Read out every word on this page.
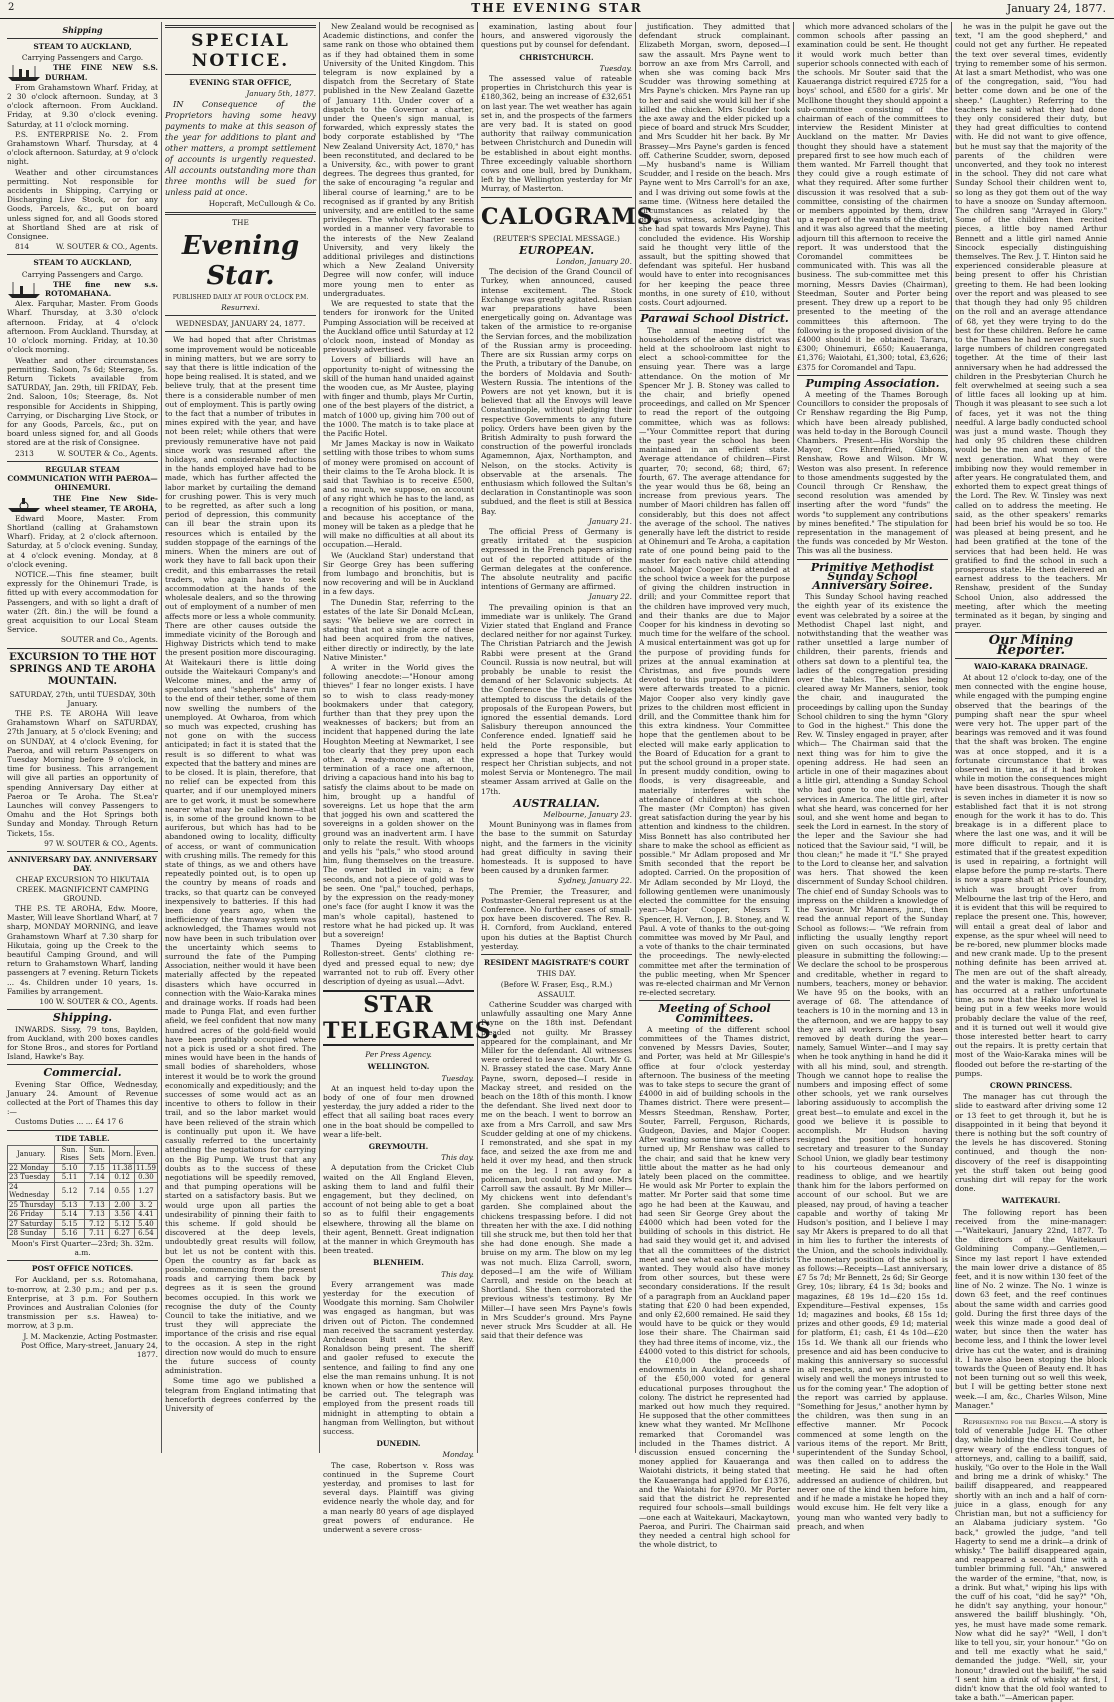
2	THE EVENING STAR	January 24, 1877.
Shipping
STEAM TO AUCKLAND,

Carrying Passengers and Cargo.

THE FINE NEW S.S. DURHAM.

From Grahamstown Wharf. Friday, at 2 30 o'clock afternoon. Sunday, at 3 o'clock afternoon. From Auckland. Friday, at 9.30 o'clock evening. Saturday, at 11 o'clock morning.

P.S. ENTERPRISE No. 2. From Grahamstown Wharf. Thursday, at 4 o'clock afternoon. Saturday, at 9 o'clock night.

Weather and other circumstances permitting. Not responsible for accidents in Shipping, Carrying or Discharging Live Stock, or for any Goods, Parcels, &c., put on board unless signed for, and all Goods stored at Shortland Shed are at risk of Consignee.

814	W. SOUTER & CO., Agents.

STEAM TO AUCKLAND,

Carrying Passengers and Cargo.

THE fine new s.s. ROTOMAHANA.

Alex. Farquhar, Master. From Goods Wharf. Thursday, at 3.30 o'clock afternoon. Friday, at 4 o'clock afternoon. From Auckland. Thursday, at 10 o'clock morning. Friday, at 10.30 o'clock morning.

Weather and other circumstances permitting. Saloon, 7s 6d; Steerage, 5s. Return Tickets available from SATURDAY, Jan. 29th, till FRIDAY, Feb. 2nd. Saloon, 10s; Steerage, 8s. Not responsible for Accidents in Shipping, Carrying, or Discharging Live Stock, or for any Goods, Parcels, &c., put on board unless signed for, and all Goods stored are at the risk of Consignee.

2313	W. SOUTER & Co., Agents.

REGULAR STEAM COMMUNICATION WITH PAEROA—OHINEMURI.

THE Fine New Side-wheel steamer, TE AROHA,

Edward Moore, Master. From Shortland (calling at Grahamstown Wharf). Friday, at 2 o'clock afternoon. Saturday, at 5 o'clock evening. Sunday, at 4 o'clock evening. Monday, at 8 o'clock evening.

NOTICE.—This fine steamer, built expressly for the Ohinemuri Trade, is fitted up with every accommodation for Passengers, and with so light a draft of water (2ft. 8in.) the will be found a great acquisition to our Local Steam Service.

SOUTER and Co., Agents.

EXCURSION TO THE HOT SPRINGS AND TE AROHA MOUNTAIN.

SATURDAY, 27th, until TUESDAY, 30th January.

THE P.S. TE AROHA Will leave Grahamstown Wharf on SATURDAY, 27th January, at 5 o'clock Evening; and on SUNDAY, at 4 o'clock Evening, for Paeroa, and will return Passengers on Tuesday Morning before 9 o'clock, in time for business. This arrangement will give all parties an opportunity of spending Anniversary Day either at Paeroa or Te Aroha. The St.ea'r Launches will convey Passengers to Omahu and the Hot Springs both Sunday and Monday. Through Return Tickets, 15s.

97 W. SOUTER & CO., Agents.

ANNIVERSARY DAY. ANNIVERSARY DAY.

CHEAP EXCURSION TO HIKUTAIA CREEK. MAGNIFICENT CAMPING GROUND.

THE P.S. TE AROHA, Edw. Moore, Master, Will leave Shortland Wharf, at 7 sharp, MONDAY MORNING, and leave Grahamstown Wharf at 7.30 sharp for Hikutaia, going up the Creek to the beautiful Camping Ground, and will return to Grahamstown Wharf, landing passengers at 7 evening. Return Tickets ... 4s. Children under 10 years, 1s. Families by arrangement.

100 W. SOUTER & CO., Agents.

Shipping.

INWARDS. Sissy, 79 tons, Baylden, from Auckland, with 200 boxes candles for Stone Bros., and stores for Portland Island, Hawke's Bay.

Commercial.

Evening Star Office, Wednesday, January 24. Amount of Revenue collected at the Port of Thames this day :—

Customs Duties ... ... £4 17 6

TIDE TABLE.
January.	Sun. Rises	Sun. Sets	Morn.	Even.
22 Monday	5.10	7.15	11.38	11.59
23 Tuesday	5.11	7.14	0.12	0.30
24 Wednesday	5.12	7.14	0.55	1.27
25 Thursday	5.13	7.13	2.00	3. 2
26 Friday	5.14	7.13	3.56	4.41
27 Saturday	5.15	7.12	5.12	5.40
28 Sunday	5.16	7.11	6.27	6.54

Moon's First Quarter—23rd; 3h. 32m. a.m.

POST OFFICE NOTICES.

For Auckland, per s.s. Rotomahana, to-morrow, at 2.30 p.m.; and per p.s. Enterprise, at 3 p.m. For Southern Provinces and Australian Colonies (for transmission per s.s. Hawea) to-morrow, at 3 p.m.

J. M. Mackenzie, Acting Postmaster. Post Office, Mary-street, January 24, 1877.

SPECIAL NOTICE.
EVENING STAR OFFICE,

January 5th, 1877.

IN Consequence of the Proprietors having some heavy payments to make at this season of the year for additions to plant and other matters, a prompt settlement of accounts is urgently requested. All accounts outstanding more than three months will be sued for unless paid at once.

Hopcraft, McCullough & Co.

THE

Evening Star.

PUBLISHED DAILY AT FOUR O'CLOCK P.M.

Resurrexi.

WEDNESDAY, JANUARY 24, 1877.

We had hoped that after Christmas some improvement would be noticeable in mining matters, but we are sorry to say that there is little indication of the hope being realised. It is stated, and we believe truly, that at the present time there is a considerable number of men out of employment. This is partly owing to the fact that a number of tributes in mines expired with the year, and have not been relet; while others that were previously remunerative have not paid since work was resumed after the holidays, and considerable reductions in the hands employed have had to be made, which has further affected the labor market by curtailing the demand for crushing power. This is very much to be regretted, as after such a long period of depression, this community can ill bear the strain upon its resources which is entailed by the sudden stoppage of the earnings of the miners. When the miners are out of work they have to fall back upon their credit, and this embarrasses the retail traders, who again have to seek accommodation at the hands of the wholesale dealers, and so the throwing out of employment of a number of men affects more or less a whole community. There are other causes outside the immediate vicinity of the Borough and Highway Districts which tend to make the present position more discouraging. At Waitekauri there is little doing outside the Waitekauri Company's and Welcome mines, and the army of speculators and "shepherds" have run to the end of their tether, some of them now swelling the numbers of the unemployed. At Owharoa, from which so much was expected, crushing has not gone on with the success anticipated; in fact it is stated that the result is so different to what was expected that the battery and mines are to be closed. It is plain, therefore, that no relief can be expected from this quarter, and if our unemployed miners are to get work, it must be somewhere nearer what may be called home—that is, in some of the ground known to be auriferous, but which has had to be abandoned owing to locality, difficulty of access, or want of communication with crushing mills. The remedy for this state of things, as we and others have repeatedly pointed out, is to open up the country by means of roads and tracks, so that quartz can be conveyed inexpensively to batteries. If this had been done years ago, when the inefficiency of the tramway system was acknowledged, the Thames would not now have been in such tribulation over the uncertainty which seems to surround the fate of the Pumping Association, neither would it have been materially affected by the repeated disasters which have occurred in connection with the Waio-Karaka mines and drainage works. If roads had been made to Punga Flat, and even further afield, we feel confident that now many hundred acres of the gold-field would have been profitably occupied where not a pick is used or a shot fired. The mines would have been in the hands of small bodies of shareholders, whose interest it would be to work the ground economically and expeditiously; and the successes of some would act as an incentive to others to follow in their trail, and so the labor market would have been relieved of the strain which is continually put upon it. We have casually referred to the uncertainty attending the negotiations for carrying on the Big Pump. We trust that any doubts as to the success of these negotiations will be speedily removed, and that pumping operations will be started on a satisfactory basis. But we would urge upon all parties the undesirability of pinning their faith to this scheme. If gold should be discovered at the deep levels, undoubtedly great results will follow, but let us not be content with this. Open the country as far back as possible, commencing from the present roads and carrying them back by degrees as it is seen the ground becomes occupied. In this work we recognise the duty of the County Council to take the initiative, and we trust they will appreciate the importance of the crisis and rise equal to the occasion. A step in the right direction now would do much to ensure the future success of county administration.

Some time ago we published a telegram from England intimating that henceforth degrees conferred by the University of

New Zealand would be recognised as Academic distinctions, and confer the same rank on those who obtained them as if they had obtained them in some University of the United Kingdom. This telegram is now explained by a dispatch from the Secretary of State published in the New Zealand Gazette of January 11th. Under cover of a dispatch to the Governor a charter, under the Queen's sign manual, is forwarded, which expressly states the body corporate established by "The New Zealand University Act, 1870," has been reconstituted, and declared to be a University, &c., with power to grant degrees. The degrees thus granted, for the sake of encouraging "a regular and liberal course of learning," are to be recognised as if granted by any British university, and are entitled to the same privileges. The whole Charter seems worded in a manner very favorable to the interests of the New Zealand University, and very likely the additional privileges and distinctions which a New Zealand University Degree will now confer, will induce more young men to enter as undergraduates.

We are requested to state that the tenders for ironwork for the United Pumping Association will be received at the Auckland office until Saturday at 12 o'clock noon, instead of Monday as previously advertised.

Lovers of billiards will have an opportunity to-night of witnessing the skill of the human hand unaided against the wooden cue, as Mr Austee, playing with finger and thumb, plays Mr Curtin, one of the best players of the district, a match of 1000 up, giving him 700 out of the 1000. The match is to take place at the Pacific Hotel.

Mr James Mackay is now in Waikato settling with those tribes to whom sums of money were promised on account of their claims to the Te Aroha block. It is said that Tawhiao is to receive £500, and so much, we suppose, on account of any right which he has to the land, as a recognition of his position, or mana, and because his acceptance of the money will be taken as a pledge that he will make no difficulties at all about its occupation.—Herald.

We (Auckland Star) understand that Sir George Grey has been suffering from lumbago and bronchitis, but is now recovering and will be in Auckland in a few days.

The Dunedin Star, referring to the estates of the late Sir Donald McLean, says: "We believe we are correct in stating that not a single acre of these had been acquired from the natives, either directly or indirectly, by the late Native Minister."

A writer in the World gives the following anecdote:—"Honour among thieves" I fear no longer exists. I have so to wish to class ready-money bookmakers under that category, further than that they prey upon the weaknesses of backers; but from an incident that happened during the late Houghton Meeting at Newmarket, I see too clearly that they prey upon each other. A ready-money man, at the termination of a race one afternoon, driving a capacious hand into his bag to satisfy the claims about to be made on him, brought up a handful of sovereigns. Let us hope that the arm that jogged his own and scattered the sovereigns in a golden shower on the ground was an inadvertent arm. I have only to relate the result. With whoops and yells his "pals," who stood around him, flung themselves on the treasure. The owner battled in vain; a few seconds, and not a piece of gold was to be seen. One "pal," touched, perhaps, by the expression on the ready-money one's face (for aught I know it was the man's whole capital), hastened to restore what he had picked up. It was but a sovereign!

Thames Dyeing Establishment, Rolleston-street. Gents' clothing re-dyed and pressed equal to new; dye warranted not to rub off. Every other description of dyeing as usual.—Advt.

STAR TELEGRAMS.

Per Press Agency.

WELLINGTON.

Tuesday.

At an inquest held to-day upon the body of one of four men drowned yesterday, the jury added a rider to the effect that all sailing boat races every one in the boat should be compelled to wear a life-belt.

GREYMOUTH.

This day.

A deputation from the Cricket Club waited on the All England Eleven, asking them to land and fulfil their engagement, but they declined, on account of not being able to get a boat so as to fulfil their engagements elsewhere, throwing all the blame on their agent, Bennett. Great indignation at the manner in which Greymouth has been treated.

BLENHEIM.

This day.

Every arrangement was made yesterday for the execution of Woodgate this morning. Sam Cholwiler was engaged as hangman, but was driven out of Picton. The condemned man received the sacrament yesterday. Archdeacon Butt and the Rev. Ronaldson being present. The sheriff and gaoler refused to execute the sentence, and failing to find any one else the man remains unhung. It is not known when or how the sentence will be carried out. The telegraph was employed from the present roads till midnight in attempting to obtain a hangman from Wellington, but without success.

DUNEDIN.

Monday.

The case, Robertson v. Ross was continued in the Supreme Court yesterday, and promises to last for several days. Plaintiff was giving evidence nearly the whole day, and for a man nearly 80 years of age displayed great powers of endurance. He underwent a severe cross-

examination, lasting about four hours, and answered vigorously the questions put by counsel for defendant.

CHRISTCHURCH.

Tuesday.

The assessed value of rateable properties in Christchurch this year is £180,362, being an increase of £32,651 on last year. The wet weather has again set in, and the prospects of the farmers are very bad. It is stated on good authority that railway communication between Christchurch and Dunedin will be established in about eight months. Three exceedingly valuable shorthorn cows and one bull, bred by Dunkham, left by the Wellington yesterday for Mr Murray, of Masterton.

CALOGRAMS.

(REUTER'S SPECIAL MESSAGE.)

EUROPEAN.

London, January 20.

The decision of the Grand Council of Turkey, when announced, caused intense excitement. The Stock Exchange was greatly agitated. Russian war preparations have been energetically going on. Advantage was taken of the armistice to re-organise the Servian forces, and the mobilization of the Russian army is proceeding. There are six Russian army corps on the Pruth, a tributary of the Danube, on the borders of Moldavia and South-Western Russia. The intentions of the Powers are not yet known, but it is believed that all the Envoys will leave Constantinople, without pledging their respective Governments to any future policy. Orders have been given by the British Admiralty to push forward the construction of the powerful ironclads Agamemnon, Ajax, Northampton, and Nelson, on the stocks. Activity is observable at the arsenals. The enthusiasm which followed the Sultan's declaration in Constantinople was soon subdued, and the fleet is still at Bessica Bay.

January 21.

The official Press of Germany is greatly irritated at the suspicion expressed in the French papers arising out of the reported attitude of the German delegates at the conference. The absolute neutrality and pacific intentions of Germany are affirmed.

January 22.

The prevailing opinion is that an immediate war is unlikely. The Grand Vizier stated that England and France declared neither for nor against Turkey. The Christian Patriarch and the Jewish Rabbi were present at the Grand Council. Russia is now neutral, but will probably be unable to resist the demand of her Sclavonic subjects. At the Conference the Turkish delegates attempted to discuss the details of the proposals of the European Powers, but ignored the essential demands. Lord Salisbury thereupon announced the Conference ended. Ignatieff said he held the Porte responsible, but expressed a hope that Turkey would respect her Christian subjects, and not molest Servia or Montenegro. The mail steamer Assam arrived at Galle on the 17th.

AUSTRALIAN.

Melbourne, January 23.

Mount Buninyong was in flames from the base to the summit on Saturday night, and the farmers in the vicinity had great difficulty in saving their homesteads. It is supposed to have been caused by a drunken farmer.

Sydney, January 22.

The Premier, the Treasurer, and Postmaster-General represent us at the Conference. No further cases of small-pox have been discovered. The Rev. R. H. Cornford, from Auckland, entered upon his duties at the Baptist Church yesterday.

RESIDENT MAGISTRATE'S COURT

THIS DAY.

(Before W. Fraser, Esq., R.M.)

ASSAULT.

Catherine Scudder was charged with unlawfully assaulting one Mary Anne Payne on the 18th inst. Defendant pleaded not guilty. Mr Brassey appeared for the complainant, and Mr Miller for the defendant. All witnesses were ordered to leave the Court. Mr G. N. Brassey stated the case. Mary Anne Payne, sworn, deposed—I reside in Mackay street, and resided on the beach on the 18th of this month. I know the defendant. She lived next door to me on the beach. I went to borrow an axe from a Mrs Carroll, and saw Mrs Scudder gelding at one of my chickens. I remonstrated, and she spat in my face, and seized the axe from me and held it over my head, and then struck me on the leg. I ran away for a policeman, but could not find one. Mrs Carroll saw the assault. By Mr Miller—My chickens went into defendant's garden. She complained about the chickens trespassing before. I did not threaten her with the axe. I did nothing till she struck me, but then told her that she had done enough. She made a bruise on my arm. The blow on my leg was not much. Eliza Carroll, sworn, deposed—I am the wife of William Carroll, and reside on the beach at Shortland. She then corroborated the previous witness's testimony. By Mr Miller—I have seen Mrs Payne's fowls in Mrs Scudder's ground. Mrs Payne never struck Mrs Scudder at all. He said that their defence was

justification. They admitted that defendant struck complainant. Elizabeth Morgan, sworn, deposed—I saw the assault. Mrs Payne went to borrow an axe from Mrs Carroll, and when she was coming back Mrs Scudder was throwing something at Mrs Payne's chicken. Mrs Payne ran up to her and said she would kill her if she killed the chicken. Mrs Scudder took the axe away and the elder picked up a piece of board and struck Mrs Scudder, and Mrs Scudder hit her back. By Mr Brassey—Mrs Payne's garden is fenced off. Catherine Scudder, sworn, deposed—My husband's name is William Scudder, and I reside on the beach. Mrs Payne went to Mrs Carroll's for an axe, and I was driving out some fowls at the same time. (Witness here detailed the circumstances as related by the previous witness, acknowledging that she had spat towards Mrs Payne). This concluded the evidence. His Worship said he thought very little of the assault, but the spitting showed that defendant was spiteful. Her husband would have to enter into recognisances for her keeping the peace three months, in one surety of £10, without costs. Court adjourned.

Parawai School District.

The annual meeting of the householders of the above district was held at the schoolroom last night to elect a school-committee for the ensuing year. There was a large attendance. On the motion of Mr Spencer Mr J. B. Stoney was called to the chair, and briefly opened proceedings, and called on Mr Spencer to read the report of the outgoing committee, which was as follows:—"Your Committee report that during the past year the school has been maintained in an efficient state. Average attendance of children—First quarter, 70; second, 68; third, 67; fourth, 67. The average attendance for the year would thus be 68, being an increase from previous years. The number of Maori children has fallen off considerably, but this does not affect the average of the school. The natives generally have left the district to reside at Ohinemuri and Te Aroha, a capitation rate of one pound being paid to the master for each native child attending school. Major Cooper has attended at the school twice a week for the purpose of giving the children instruction in drill; and your Committee report that the children have improved very much, and their thanks are due to Major Cooper for his kindness in devoting so much time for the welfare of the school. A musical entertainment was got up for the purpose of providing funds for prizes at the annual examination at Christmas, and five pounds were devoted to this purpose. The children were afterwards treated to a picnic. Major Cooper also very kindly gave prizes to the children most efficient in drill, and the Committee thank him for this extra kindness. Your Committee hope that the gentlemen about to be elected will make early application to the Board of Education for a grant to put the school ground in a proper state. In present muddy condition, owing to floods, is very disagreeable, and materially interferes with the attendance of children at the school. The master (Mr Compton) has given great satisfaction during the year by his attention and kindness to the children. Miss Bonnett has also contributed her share to make the school as efficient as possible." Mr Adlam proposed and Mr Smith seconded that the report be adopted. Carried. On the proposition of Mr Adlam seconded by Mr Lloyd, the following gentlemen were unanimously elected the committee for the ensuing year:—Major Cooper, Messrs T. Spencer, H. Vernon, J. B. Stoney, and W. Paul. A vote of thanks to the out-going committee was moved by Mr Paul, and a vote of thanks to the chair terminated the proceedings. The newly-elected committee met after the termination of the public meeting, when Mr Spencer was re-elected chairman and Mr Vernon re-elected secretary.

Meeting of School Committees.

A meeting of the different school committees of the Thames district, convened by Messrs Davies, Souter, and Porter, was held at Mr Gillespie's office at four o'clock yesterday afternoon. The business of the meeting was to take steps to secure the grant of £4000 in aid of building schools in the Thames district. There were present—Messrs Steedman, Renshaw, Porter, Souter, Farrell, Ferguson, Richards, Gudgeon, Davies, and Major Cooper. After waiting some time to see if others turned up, Mr Renshaw was called to the chair, and said that he knew very little about the matter as he had only lately been placed on the committee. He would ask Mr Porter to explain the matter. Mr Porter said that some time ago he had been at the Kauwau, and had seen Sir George Grey about the £4000 which had been voted for the building of schools in this district. He had said they would get it, and advised that all the committees of the district meet and see what each of the districts wanted. They would also have money from other sources, but these were secondary considerations. If the result of a paragraph from an Auckland paper stating that £20 0 had been expended, and only £2,600 remained. He said they would have to be quick or they would lose their share. The Chairman said they had three items of income, viz., the £4000 voted to this district for schools, the £10,000 the proceeds of endowments in Auckland, and a share of the £50,000 voted for general educational purposes throughout the colony. The district he represented had marked out how much they required. He supposed that the other committees knew what they wanted. Mr McIlhone remarked that Coromandel was included in the Thames district. A discussion ensued concerning the money applied for Kauaeranga and Waiotahi districts, it being stated that the Kauaeranga had applied for £1376, and the Waiotahi for £970. Mr Porter said that the district he represented required four schools—small buildings—one each at Waitekauri, Mackaytown, Paeroa, and Puriri. The Chairman said they needed a central high school for the whole district, to

which more advanced scholars of the common schools after passing an examination could be sent. He thought it would work much better than superior schools connected with each of the schools. Mr Souter said that the Kauaeranga district required £725 for a boys' school, and £580 for a girls'. Mr McIlhone thought they should appoint a sub-committee consisting of the chairman of each of the committees to interview the Resident Minister at Auckland on the matter. Mr Davies thought they should have a statement prepared first to see how much each of them wanted. Mr Farrell thought that they could give a rough estimate of what they required. After some further discussion it was resolved that a sub-committee, consisting of the chairmen or members appointed by them, draw up a report of the wants of the district, and it was also agreed that the meeting adjourn till this afternoon to receive the report. It was understood that the Coromandel committees be communicated with. This was all the business. The sub-committee met this morning, Messrs Davies (Chairman), Steedman, Souter and Porter being present. They drew up a report to be presented to the meeting of the committees this afternoon. The following is the proposed division of the £4000 should it be obtained: Tararu, £300; Ohinemuri, £650; Kauaeranga, £1,376; Waiotahi, £1,300; total, £3,626; £375 for Coromandel and Tapu.

Pumping Association.

A meeting of the Thames Borough Councillors to consider the proposals of Cr Renshaw regarding the Big Pump, which have been already published, was held to-day in the Borough Council Chambers. Present—His Worship the Mayor, Crs Ehrenfried, Gibbons, Renshaw, Rowe and Wilson. Mr W. Weston was also present. In reference to those amendments suggested by the Council through Cr Renshaw, the second resolution was amended by inserting after the word "funds" the words "to supplement any contributions by mines benefited." The stipulation for representation in the management of the funds was conceded by Mr Weston. This was all the business.

Primitive Methodist Sunday School Anniversary Soiree.

This Sunday School having reached the eighth year of its existence the event was celebrated by a soiree at the Methodist Chapel last night, and notwithstanding that the weather was rather unsettled a large number of children, their parents, friends and others sat down to a plentiful tea, the ladies of the congregation presiding over the tables. The tables being cleared away Mr Manners, senior, took the chair, and inaugurated the proceedings by calling upon the Sunday School children to sing the hymn "Glory to God in the highest." This done the Rev. W. Tinsley engaged in prayer, after which— The Chairman said that the next thing was for him to give the opening address. He had seen an article in one of their magazines about a little girl, attending a Sunday School who had gone to one of the revival services in America. The little girl, after what she heard, was concerned for her soul, and she went home and began to seek the Lord in earnest. In the story of the leper and the Saviour she had noticed that the Saviour said, "I will, be thou clean;" he made it "I." She prayed to the Lord to cleanse her, and salvation was hers. That showed the keen discernment of Sunday School children. The chief end of Sunday Schools was to impress on the children a knowledge of the Saviour. Mr Manners, junr., then read the annual report of the Sunday School as follows:— "We refrain from inflicting the usually lengthy report given on such occasions, but have pleasure in submitting the following:—We declare the school to be prosperous and creditable, whether in regard to numbers, teachers, money or behavior. We have 95 on the books, with an average of 68. The attendance of teachers is 10 in the morning and 13 in the afternoon, and we are happy to say they are all workers. One has been removed by death during the year—namely, Samuel Winter—and I may say when he took anything in hand he did it with all his mind, soul, and strength. Though we cannot hope to realise the numbers and imposing effect of some other schools, yet we rank ourselves laboring assiduously to accomplish the great best—to emulate and excel in the good we believe it is possible to accomplish. Mr Hudson having resigned the position of honorary secretary and treasurer to the Sunday School Union, we gladly bear testimony to his courteous demeanour and readiness to oblige, and we heartily thank him for the labors performed on account of our school. But we are pleased, nay proud, of having a teacher capable and worthy of taking Mr Hudson's position, and I believe I may say Mr Akers is prepared to do all that in him lies to further the interests of the Union, and the schools individually. The monetary position of the school is as follows:—Receipts—Last anniversary, £7 5s 7d; Mr Bennett, 2s 6d; Sir George Grey, 10s; library, £4 1s 3d; books and magazines, £8 19s 1d—£20 15s 1d. Expenditure—Festival expenses, 15s 1d; magazines and books, £8 15s 1d; prizes and other goods, £9 1d; material for platform, £1; cash, £1 4s 10d—£20 15s 1d. We thank all our friends who presence and aid has been conducive to making this anniversary so successful in all respects, and we promise to use wisely and well the moneys intrusted to us for the coming year." The adoption of the report was carried by applause. "Something for Jesus," another hymn by the children, was then sung in an effective manner. Mr Pocock commenced at some length on the various items of the report. Mr Britt, superintendent of the Sunday School, was then called on to address the meeting. He said he had often addressed an audience of children, but never one of the kind then before him, and if he made a mistake he hoped they would excuse him. He felt very like a young man who wanted very badly to preach, and when

he was in the pulpit he gave out the text, "I am the good shepherd," and could not get any further. He repeated the text over several times, evidently trying to remember some of his sermon. At last a smart Methodist, who was one of the congregation, said, "You had better come down and be one of the sheep." (Laughter.) Referring to the teachers he said what they had done they only considered their duty, but they had great difficulties to contend with. He did not want to give offence, but he must say that the majority of the parents of the children were unconverted, and they took no interest in the school. They did not care what Sunday School their children went to, so long as they got them out of the way to have a snooze on Sunday afternoon. The children sang "Arrayed in Glory." Some of the children then recited pieces, a little boy named Arthur Bennett and a little girl named Annie Sincock especially distinguishing themselves. The Rev. J. T. Hinton said he experienced considerable pleasure at being present to offer his Christian greeting to them. He had been looking over the report and was pleased to see that though they had only 95 children on the roll and an average attendance of 68, yet they were trying to do the best for these children. Before he came to the Thames he had never seen such large numbers of children congregated together. At the time of their last anniversary when he had addressed the children in the Presbyterian Church he felt overwhelmed at seeing such a sea of little faces all looking up at him. Though it was pleasant to see such a lot of faces, yet it was not the thing needful. A large badly conducted school was just a mund waste. Though they had only 95 children these children would be the men and women of the next generation. What they were imbibing now they would remember in after years. He congratulated them, and exhorted them to expect great things of the Lord. The Rev. W. Tinsley was next called on to address the meeting. He said, as the other speakers' remarks had been brief his would be so too. He was pleased at being present, and he had been gratified at the tone of the services that had been held. He was gratified to find the school in such a prosperous state. He then delivered an earnest address to the teachers. Mr Renshaw, president of the Sunday School Union, also addressed the meeting, after which the meeting terminated as it began, by singing and prayer.

Our Mining Reporter.
WAIO-KARAKA DRAINAGE.

At about 12 o'clock to-day, one of the men connected with the engine house, while engaged with the pumping engine observed that the bearings of the pumping shaft near the spur wheel were very hot. The upper part of the bearings was removed and it was found that the shaft was broken. The engine was at once stopped, and it is a fortunate circumstance that it was observed in time, as if it had broken while in motion the consequences might have been disastrous. Though the shaft is seven inches in diameter it is now so established fact that it is not strong enough for the work it has to do. This breakage is in a different place to where the last one was, and it will be more difficult to repair, and it is estimated that if the greatest expedition is used in repairing, a fortnight will elapse before the pump re-starts. There is now a spare shaft at Price's foundry, which was brought over from Melbourne the last trip of the Hero, and it is evident that this will be required to replace the present one. This, however, will entail a great deal of labor and expense, as the spur wheel will need to be re-bored, new plummer blocks made and new crank made. Up to the present nothing definite has been arrived at. The men are out of the shaft already, and the water is making. The accident has occurred at a rather unfortunate time, as now that the Hako low level is being put in a few weeks more would probably declare the value of the reef, and it is turned out well it would give those interested better heart to carry out the repairs. It is pretty certain that most of the Waio-Karaka mines will be flooded out before the re-starting of the pumps.

CROWN PRINCESS.

The manager has cut through the slide to eastward after driving some 12 or 13 feet to get through it, but he is disappointed in it being that beyond it there is nothing but the soft country of the levels he has discovered. Stoning continued, and though the non-discovery of the reef is disappointing yet the stuff taken out being good crushing dirt will repay for the work done.

WAITEKAURI.

The following report has been received from the mine-manager:—"Waitekauri, January 22nd, 1877. To the directors of the Waitekauri Goldmining Company.—Gentlemen,—Since my last report I have extended the main lower drive a distance of 85 feet, and it is now within 130 feet of the line of No. 2 winze. The No. 1 winze is down 63 feet, and the reef continues about the same width and carries good gold. During the first three days of the week this winze made a good deal of water, but since then the water has become less, and I think the lower level drive has cut the water, and is draining it. I have also been stoping the block towards the Queen of Beauty end. It has not been turning out so well this week, but I will be getting better stone next week.—I am, &c., Charles Wilson, Mine Manager."

Representing for the Bench.—A story is told of venerable Judge H. The other day, while holding the Circuit Court, he grew weary of the endless tongues of attorneys, and, calling to a bailiff, said, huskily, "Go over to the Hole in the Wall and bring me a drink of whisky." The bailiff disappeared, and reappeared shortly with an inch and a half of corn-juice in a glass, enough for any Christian man, but not a sufficiency for an Alabama judiciary system. "Go back," growled the judge, "and tell Hagerty to send me a drink—a drink of whisky." The bailiff disappeared again, and reappeared a second time with a tumbler brimming full. "Ah," answered the warder of the ermine, "that, now, is a drink. But what," wiping his lips with the cuff of his coat, "did he say?" "Oh, he didn't say anything, your honour," answered the bailiff blushingly. "Oh, yes, he must have made some remark. Now what did he say?" "Well, I don't like to tell you, sir, your honour." "Go on and tell me exactly what he said," demanded the judge. "Well, sir, your honour," drawled out the bailiff, "he said 'I sent him a drink of whisky at first, I didn't know that the old fool wanted to take a bath.'"—American paper.
